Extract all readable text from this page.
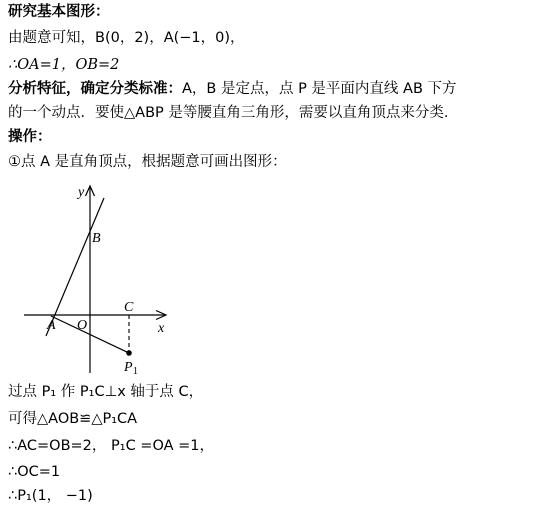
研究基本图形：
由题意可知，B(0，2)，A(−1，0)，
∴OA=1，OB=2
分析特征，确定分类标准：A，B 是定点，点 P 是平面内直线 AB 下方
的一个动点．要使△ABP 是等腰直角三角形，需要以直角顶点来分类．
操作：
①点 A 是直角顶点，根据题意可画出图形：
y
x
B
C
A O
P 1
过点 P₁ 作 P₁C⊥x 轴于点 C，
可得△AOB≌△P₁CA
∴AC=OB=2， P₁C =OA =1，
∴OC=1
∴P₁(1， −1)
